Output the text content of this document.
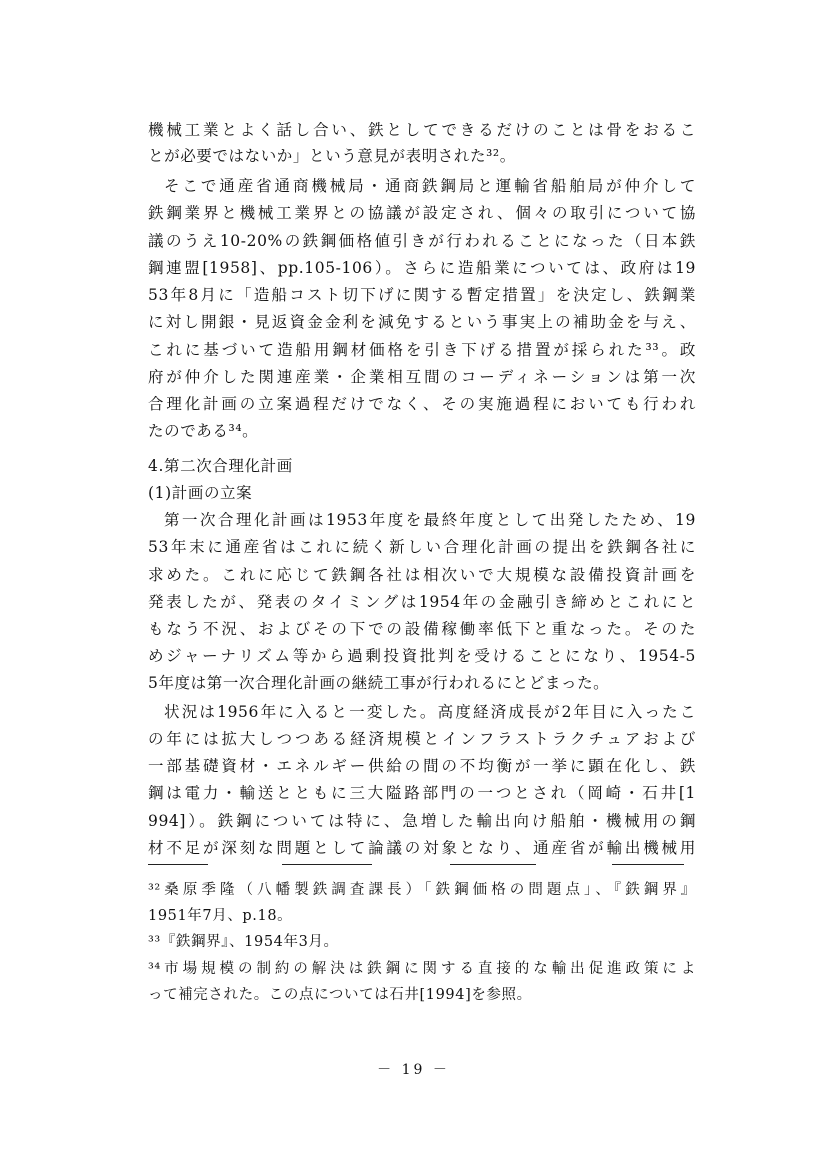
機械工業とよく話し合い、鉄としてできるだけのことは骨をおるこ
とが必要ではないか」という意見が表明された³²。
そこで通産省通商機械局・通商鉄鋼局と運輸省船舶局が仲介して
鉄鋼業界と機械工業界との協議が設定され、個々の取引について協
議のうえ10-20%の鉄鋼価格値引きが行われることになった（日本鉄
鋼連盟[1958]、pp.105-106）。さらに造船業については、政府は19
53年8月に「造船コスト切下げに関する暫定措置」を決定し、鉄鋼業
に対し開銀・見返資金金利を減免するという事実上の補助金を与え、
これに基づいて造船用鋼材価格を引き下げる措置が採られた³³。政
府が仲介した関連産業・企業相互間のコーディネーションは第一次
合理化計画の立案過程だけでなく、その実施過程においても行われ
たのである³⁴。
4.第二次合理化計画
(1)計画の立案
第一次合理化計画は1953年度を最終年度として出発したため、19
53年末に通産省はこれに続く新しい合理化計画の提出を鉄鋼各社に
求めた。これに応じて鉄鋼各社は相次いで大規模な設備投資計画を
発表したが、発表のタイミングは1954年の金融引き締めとこれにと
もなう不況、およびその下での設備稼働率低下と重なった。そのた
めジャーナリズム等から過剰投資批判を受けることになり、1954-5
5年度は第一次合理化計画の継続工事が行われるにとどまった。
状況は1956年に入ると一変した。高度経済成長が2年目に入ったこ
の年には拡大しつつある経済規模とインフラストラクチュアおよび
一部基礎資材・エネルギー供給の間の不均衡が一挙に顕在化し、鉄
鋼は電力・輸送とともに三大隘路部門の一つとされ（岡崎・石井[1
994]）。鉄鋼については特に、急増した輸出向け船舶・機械用の鋼
材不足が深刻な問題として論議の対象となり、通産省が輸出機械用
³²桑原季隆（八幡製鉄調査課長）「鉄鋼価格の問題点」、『鉄鋼界』
1951年7月、p.18。
³³『鉄鋼界』、1954年3月。
³⁴市場規模の制約の解決は鉄鋼に関する直接的な輸出促進政策によ
って補完された。この点については石井[1994]を参照。
－ 19 －
